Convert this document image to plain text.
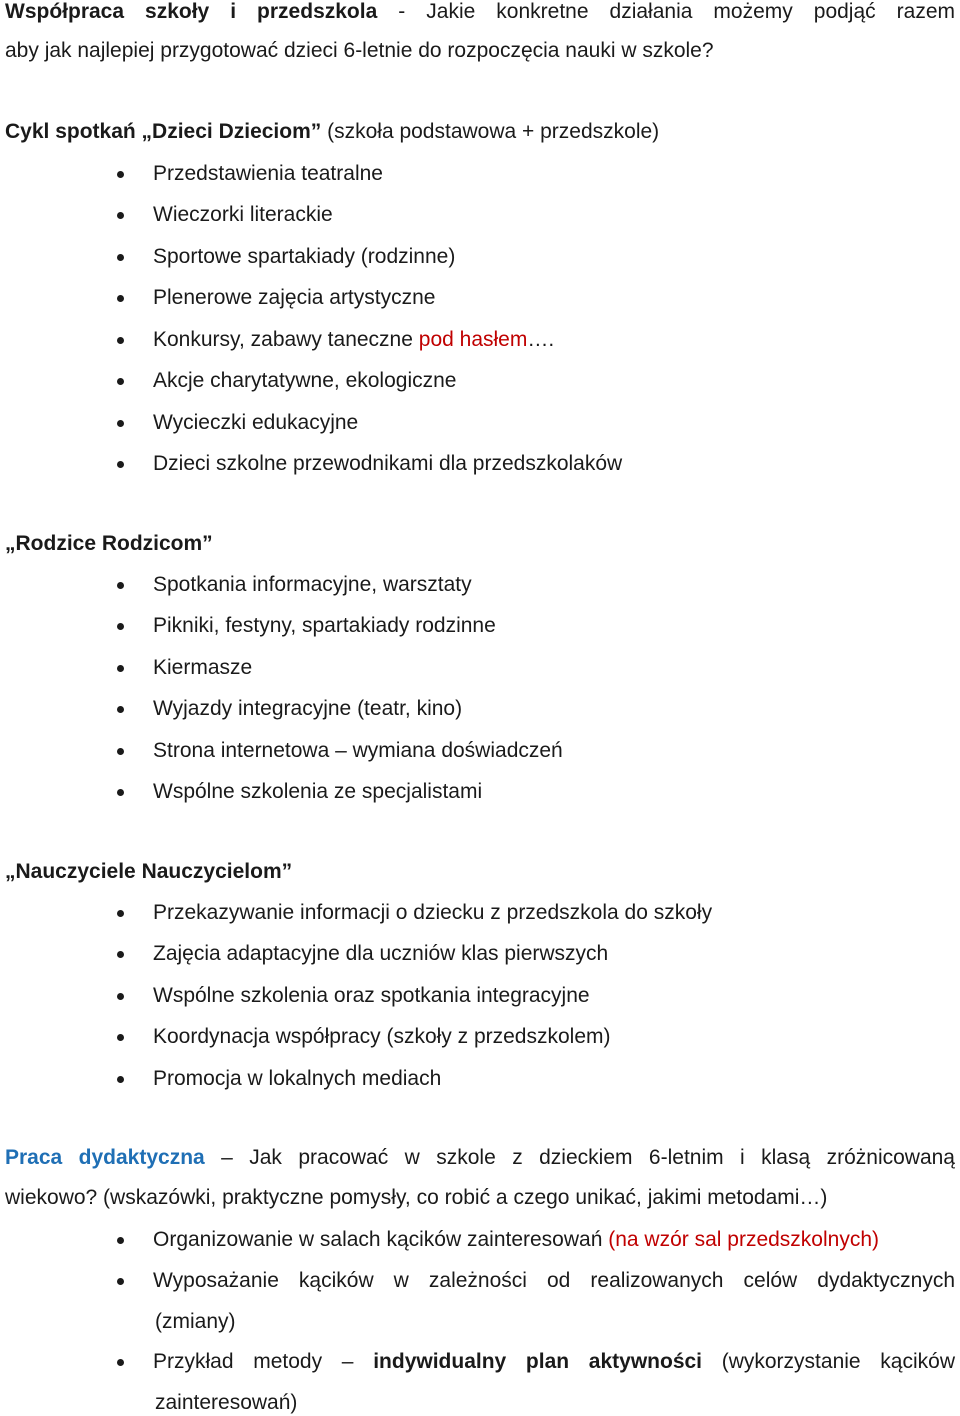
Współpraca szkoły i przedszkola - Jakie konkretne działania możemy podjąć razem
aby jak najlepiej przygotować dzieci 6-letnie do rozpoczęcia nauki w szkole?
Cykl spotkań „Dzieci Dzieciom” (szkoła podstawowa + przedszkole)
Przedstawienia teatralne
Wieczorki literackie
Sportowe spartakiady (rodzinne)
Plenerowe zajęcia artystyczne
Konkursy, zabawy taneczne pod hasłem….
Akcje charytatywne, ekologiczne
Wycieczki edukacyjne
Dzieci szkolne przewodnikami dla przedszkolaków
„Rodzice Rodzicom”
Spotkania informacyjne, warsztaty
Pikniki, festyny, spartakiady rodzinne
Kiermasze
Wyjazdy integracyjne (teatr, kino)
Strona internetowa – wymiana doświadczeń
Wspólne szkolenia ze specjalistami
„Nauczyciele Nauczycielom”
Przekazywanie informacji o dziecku z przedszkola do szkoły
Zajęcia adaptacyjne dla uczniów klas pierwszych
Wspólne szkolenia oraz spotkania integracyjne
Koordynacja współpracy (szkoły z przedszkolem)
Promocja w lokalnych mediach
Praca dydaktyczna – Jak pracować w szkole z dzieckiem 6-letnim i klasą zróżnicowaną
wiekowo? (wskazówki, praktyczne pomysły, co robić a czego unikać, jakimi metodami…)
Organizowanie w salach kącików zainteresowań (na wzór sal przedszkolnych)
Wyposażanie kącików w zależności od realizowanych celów dydaktycznych
Przykład metody – indywidualny plan aktywności (wykorzystanie kącików
(zmiany)
zainteresowań)
